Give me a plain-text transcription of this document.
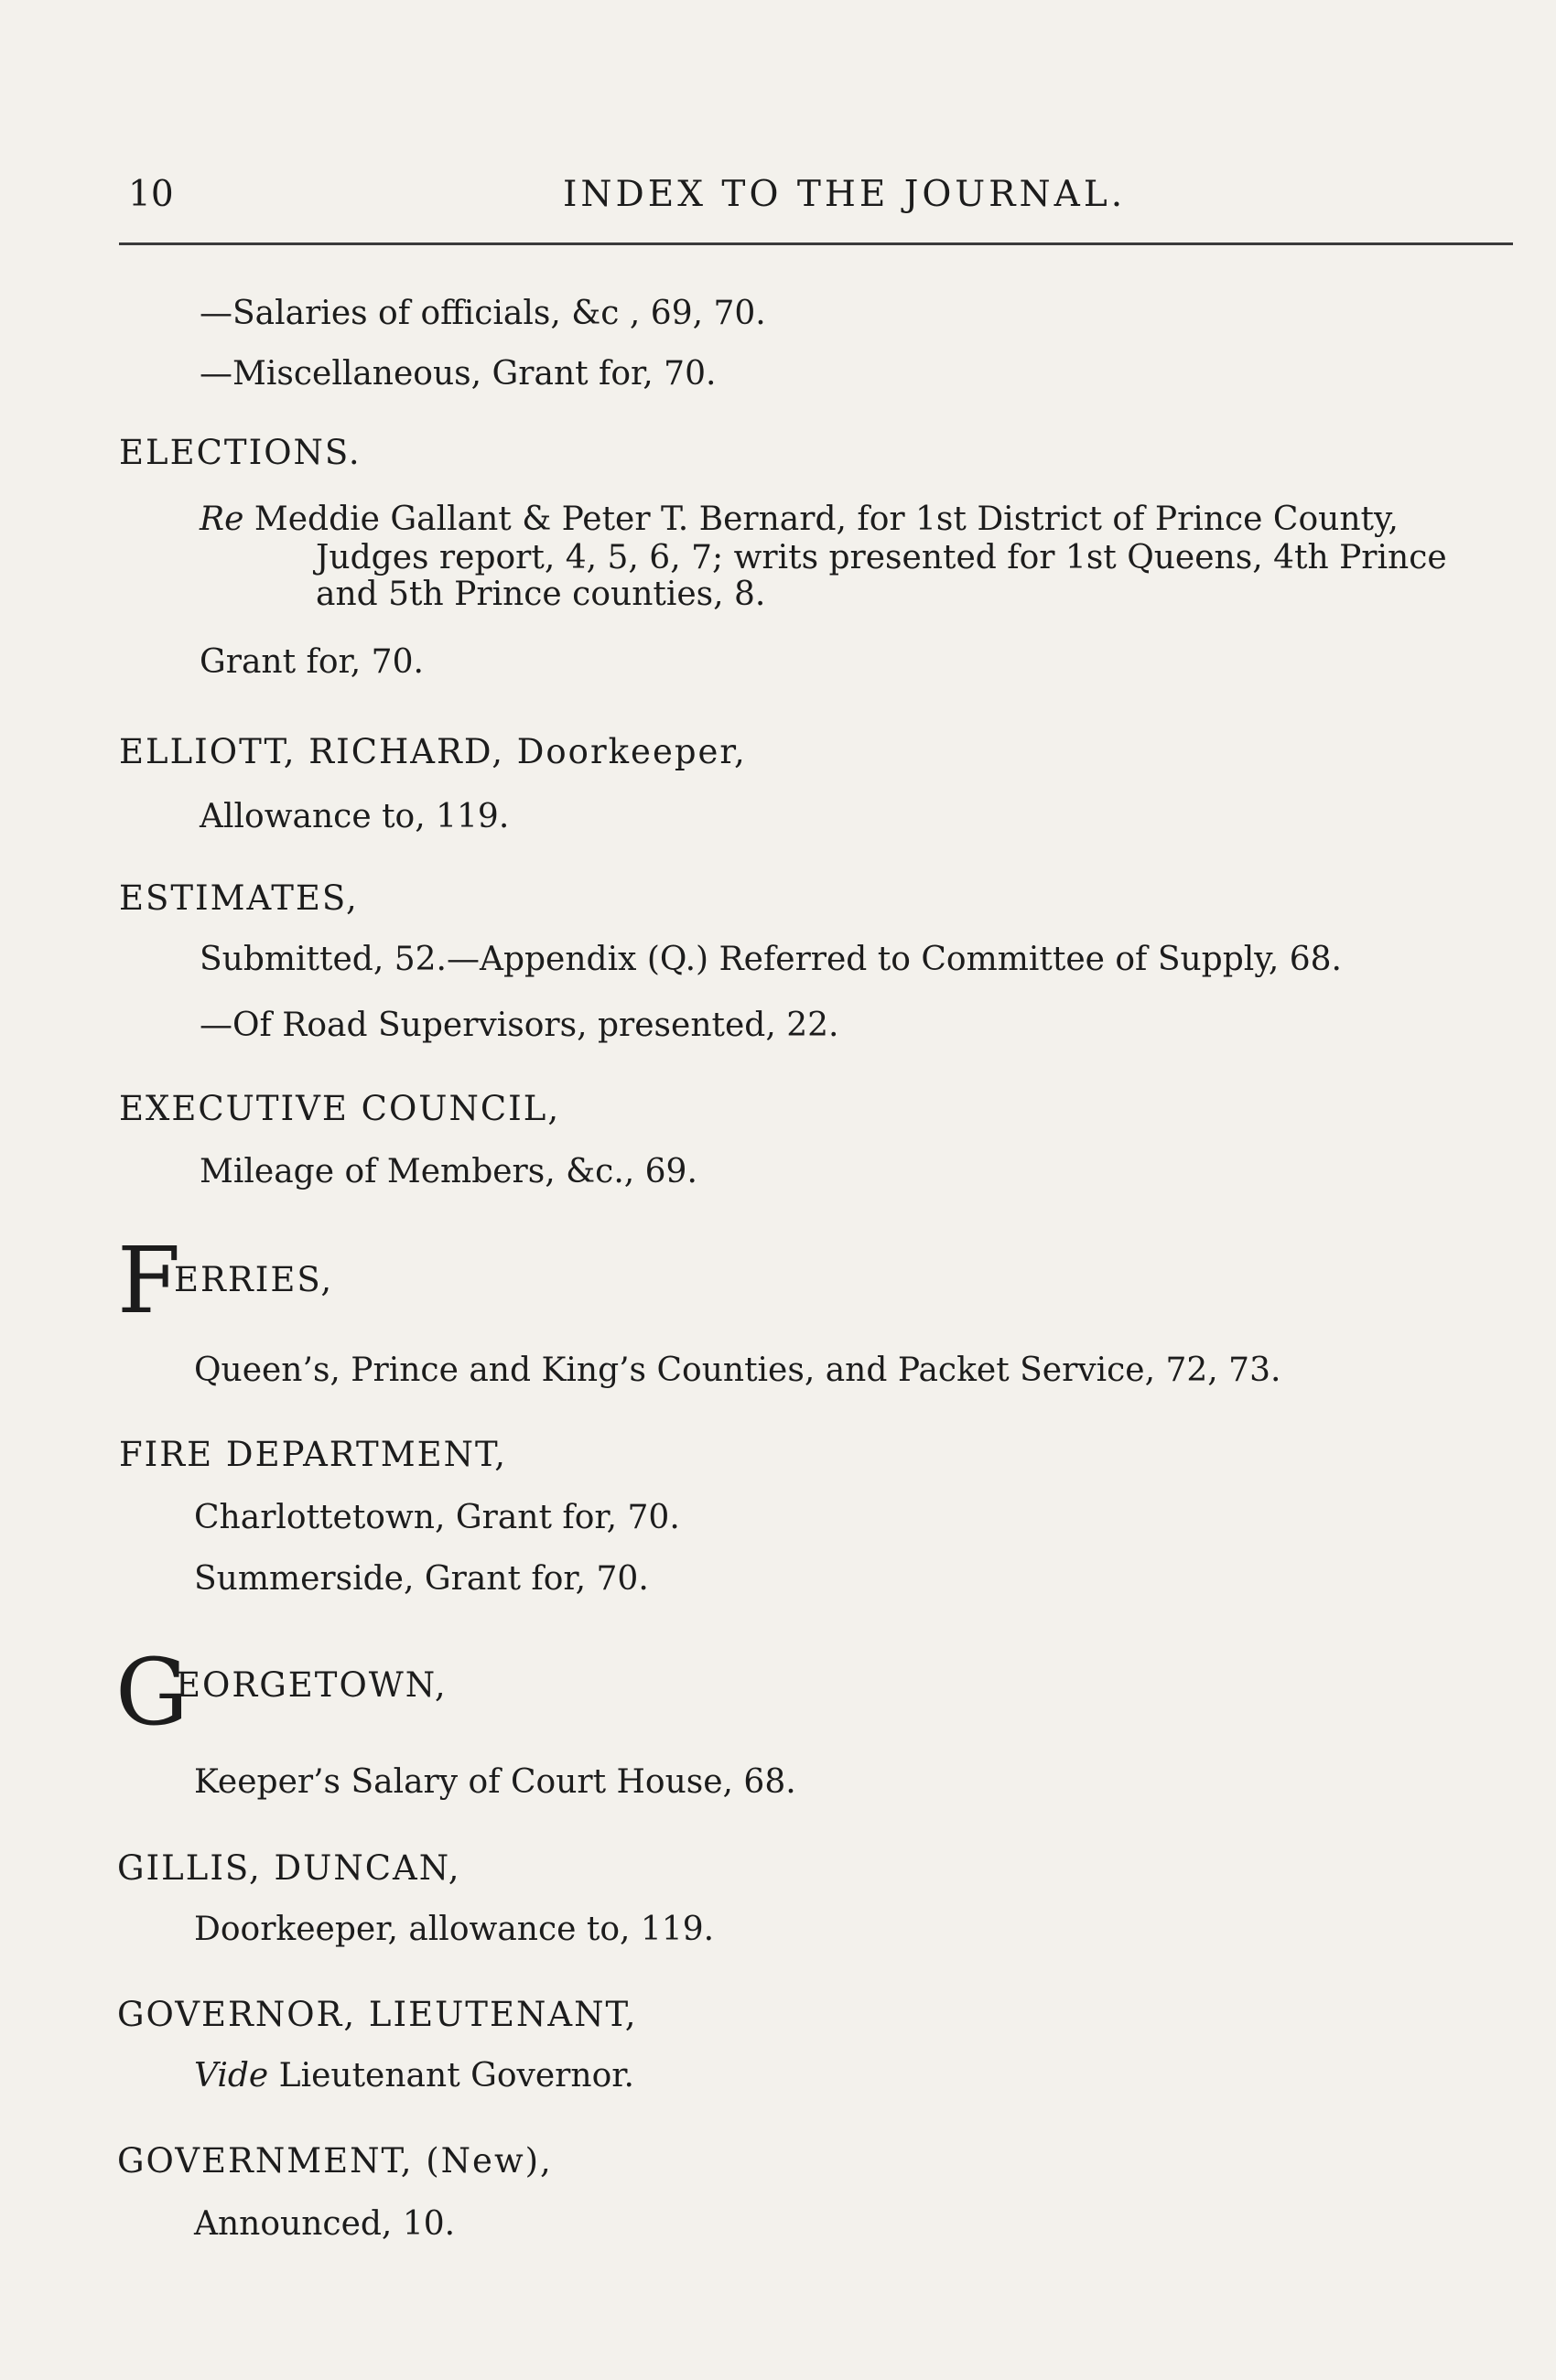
10	INDEX TO THE JOURNAL.
—Salaries of officials, &c , 69, 70.
—Miscellaneous, Grant for, 70.
ELECTIONS.
Re Meddie Gallant & Peter T. Bernard, for 1st District of Prince County,
Judges report, 4, 5, 6, 7; writs presented for 1st Queens, 4th Prince
and 5th Prince counties, 8.
Grant for, 70.
ELLIOTT, RICHARD, Doorkeeper,
Allowance to, 119.
ESTIMATES,
Submitted, 52.—Appendix (Q.) Referred to Committee of Supply, 68.
—Of Road Supervisors, presented, 22.
EXECUTIVE COUNCIL,
Mileage of Members, &c., 69.
F
ERRIES,
Queen’s, Prince and King’s Counties, and Packet Service, 72, 73.
FIRE DEPARTMENT,
Charlottetown, Grant for, 70.
Summerside, Grant for, 70.
G
EORGETOWN,
Keeper’s Salary of Court House, 68.
GILLIS, DUNCAN,
Doorkeeper, allowance to, 119.
GOVERNOR, LIEUTENANT,
Vide Lieutenant Governor.
GOVERNMENT, (New),
Announced, 10.
